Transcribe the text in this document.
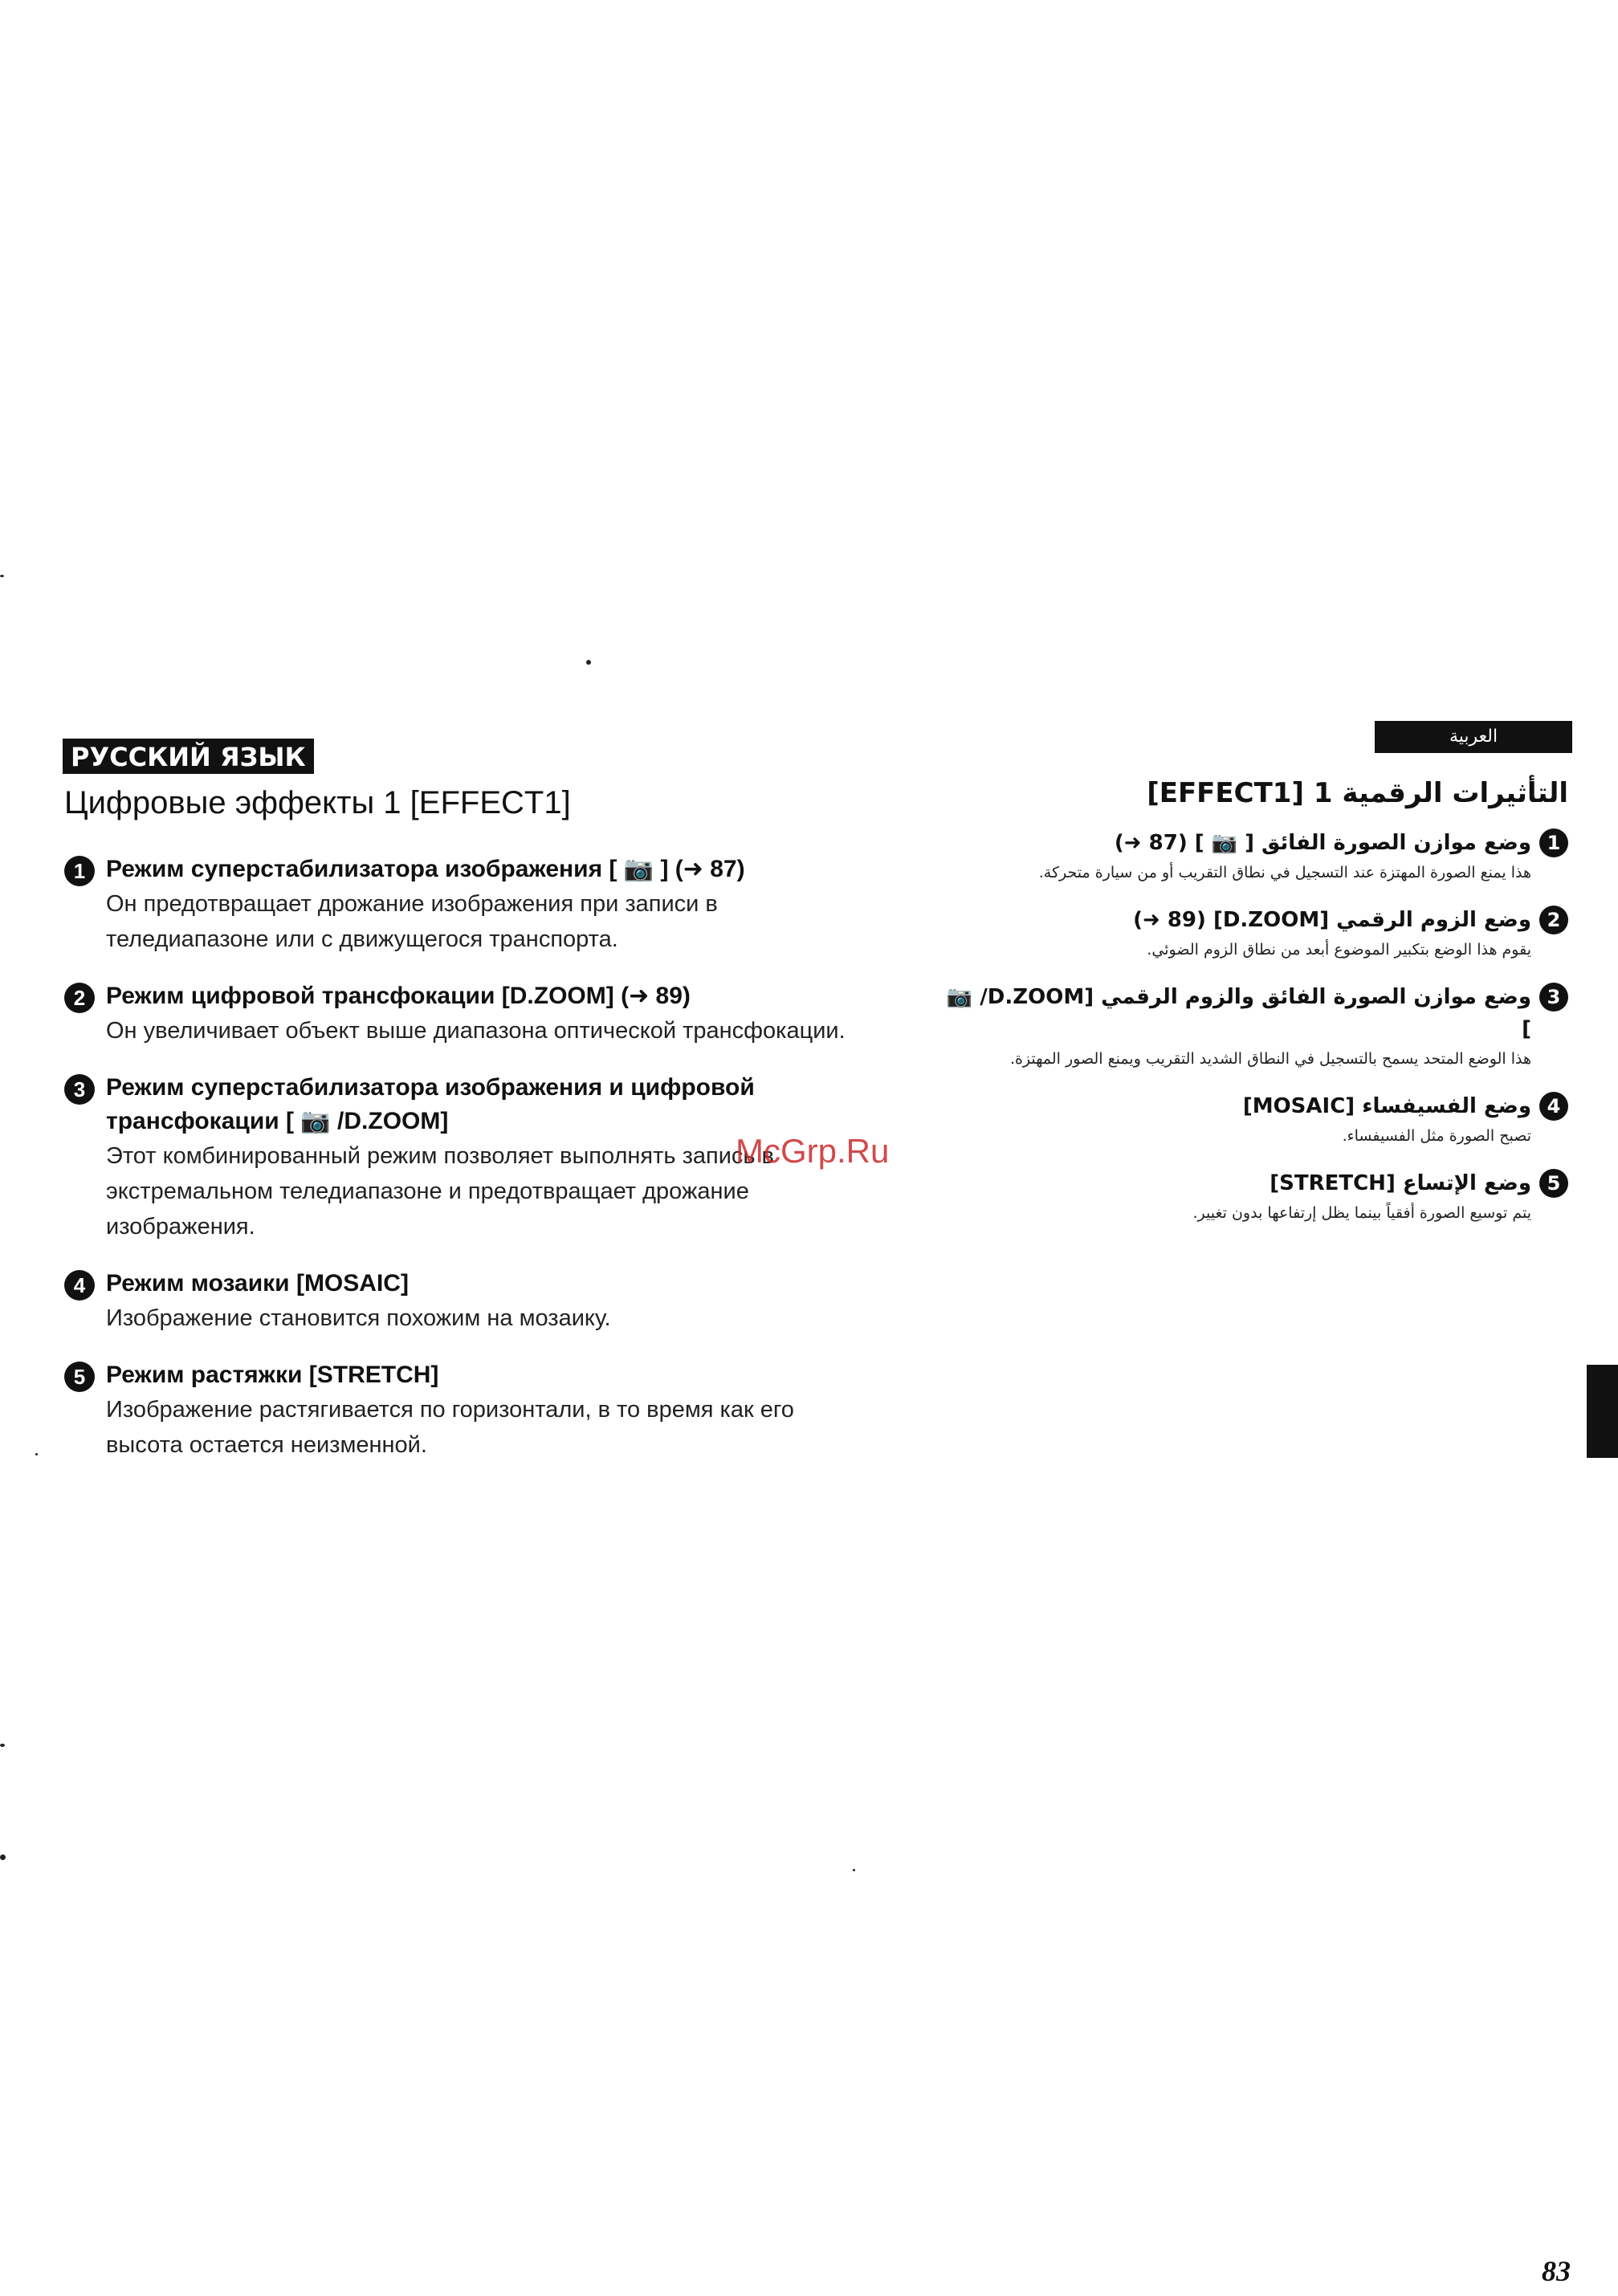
РУССКИЙ ЯЗЫК
Цифровые эффекты 1 [EFFECT1]
1 Режим суперстабилизатора изображения [ 📷 ] (➜ 87)
Он предотвращает дрожание изображения при записи в теледиапазоне или с движущегося транспорта.
2 Режим цифровой трансфокации [D.ZOOM] (➜ 89)
Он увеличивает объект выше диапазона оптической трансфокации.
3 Режим суперстабилизатора изображения и цифровой трансфокации [ 📷 /D.ZOOM]
Этот комбинированный режим позволяет выполнять запись в экстремальном теледиапазоне и предотвращает дрожание изображения.
4 Режим мозаики [MOSAIC]
Изображение становится похожим на мозаику.
5 Режим растяжки [STRETCH]
Изображение растягивается по горизонтали, в то время как его высота остается неизменной.
العربية
التأثيرات الرقمية 1 [EFFECT1]
1
وضع موازن الصورة الفائق [ 📷 ] (87 ➜)
هذا يمنع الصورة المهتزة عند التسجيل في نطاق التقريب أو من سيارة متحركة.
2
وضع الزوم الرقمي [D.ZOOM] (89 ➜)
يقوم هذا الوضع بتكبير الموضوع أبعد من نطاق الزوم الضوئي.
3
وضع موازن الصورة الفائق والزوم الرقمي [D.ZOOM/ 📷 ]
هذا الوضع المتحد يسمح بالتسجيل في النطاق الشديد التقريب ويمنع الصور المهتزة.
4
وضع الفسيفساء [MOSAIC]
تصبح الصورة مثل الفسيفساء.
5
وضع الإتساع [STRETCH]
يتم توسيع الصورة أفقياً بينما يظل إرتفاعها بدون تغيير.
McGrp.Ru
83
